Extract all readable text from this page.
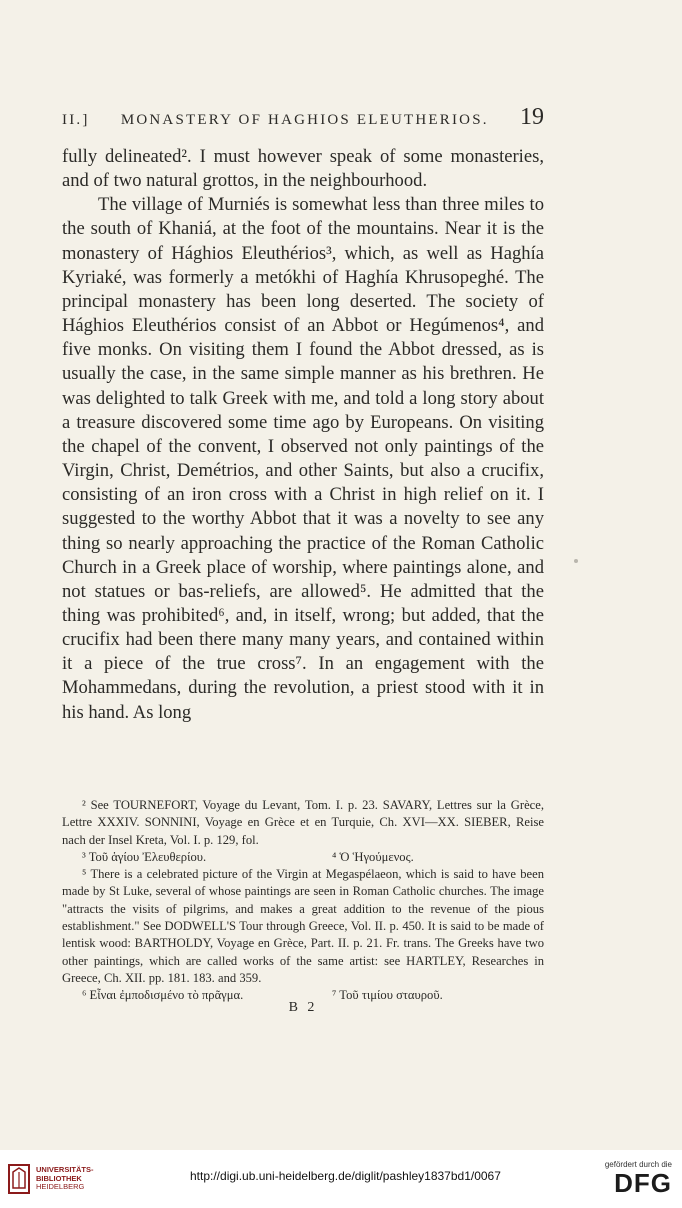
II.] MONASTERY OF HAGHIOS ELEUTHERIOS. 19

fully delineated². I must however speak of some monasteries, and of two natural grottos, in the neighbourhood.

The village of Murniés is somewhat less than three miles to the south of Khaniá, at the foot of the mountains. Near it is the monastery of Hághios Eleuthérios³, which, as well as Haghía Kyriaké, was formerly a metókhi of Haghía Khrusopeghé. The principal monastery has been long deserted. The society of Hághios Eleuthérios consist of an Abbot or Hegúmenos⁴, and five monks. On visiting them I found the Abbot dressed, as is usually the case, in the same simple manner as his brethren. He was delighted to talk Greek with me, and told a long story about a treasure discovered some time ago by Europeans. On visiting the chapel of the convent, I observed not only paintings of the Virgin, Christ, Demétrios, and other Saints, but also a crucifix, consisting of an iron cross with a Christ in high relief on it. I suggested to the worthy Abbot that it was a novelty to see any thing so nearly approaching the practice of the Roman Catholic Church in a Greek place of worship, where paintings alone, and not statues or bas-reliefs, are allowed⁵. He admitted that the thing was prohibited⁶, and, in itself, wrong; but added, that the crucifix had been there many many years, and contained within it a piece of the true cross⁷. In an engagement with the Mohammedans, during the revolution, a priest stood with it in his hand. As long

² See TOURNEFORT, Voyage du Levant, Tom. I. p. 23. SAVARY, Lettres sur la Grèce, Lettre XXXIV. SONNINI, Voyage en Grèce et en Turquie, Ch. XVI—XX. SIEBER, Reise nach der Insel Kreta, Vol. I. p. 129, fol.

³ Τοῦ ἁγίου Ἐλευθερίου.	⁴ Ὁ Ἡγούμενος.

⁵ There is a celebrated picture of the Virgin at Megaspélaeon, which is said to have been made by St Luke, several of whose paintings are seen in Roman Catholic churches. The image "attracts the visits of pilgrims, and makes a great addition to the revenue of the pious establishment." See DODWELL'S Tour through Greece, Vol. II. p. 450. It is said to be made of lentisk wood: BARTHOLDY, Voyage en Grèce, Part. II. p. 21. Fr. trans. The Greeks have two other paintings, which are called works of the same artist: see HARTLEY, Researches in Greece, Ch. XII. pp. 181. 183. and 359.

⁶ Εἶναι ἐμποδισμένο τὸ πρᾶγμα.	⁷ Τοῦ τιμίου σταυροῦ.
B 2
UNIVERSITÄTS-
BIBLIOTHEK
HEIDELBERG
http://digi.ub.uni-heidelberg.de/diglit/pashley1837bd1/0067
gefördert durch die
DFG
